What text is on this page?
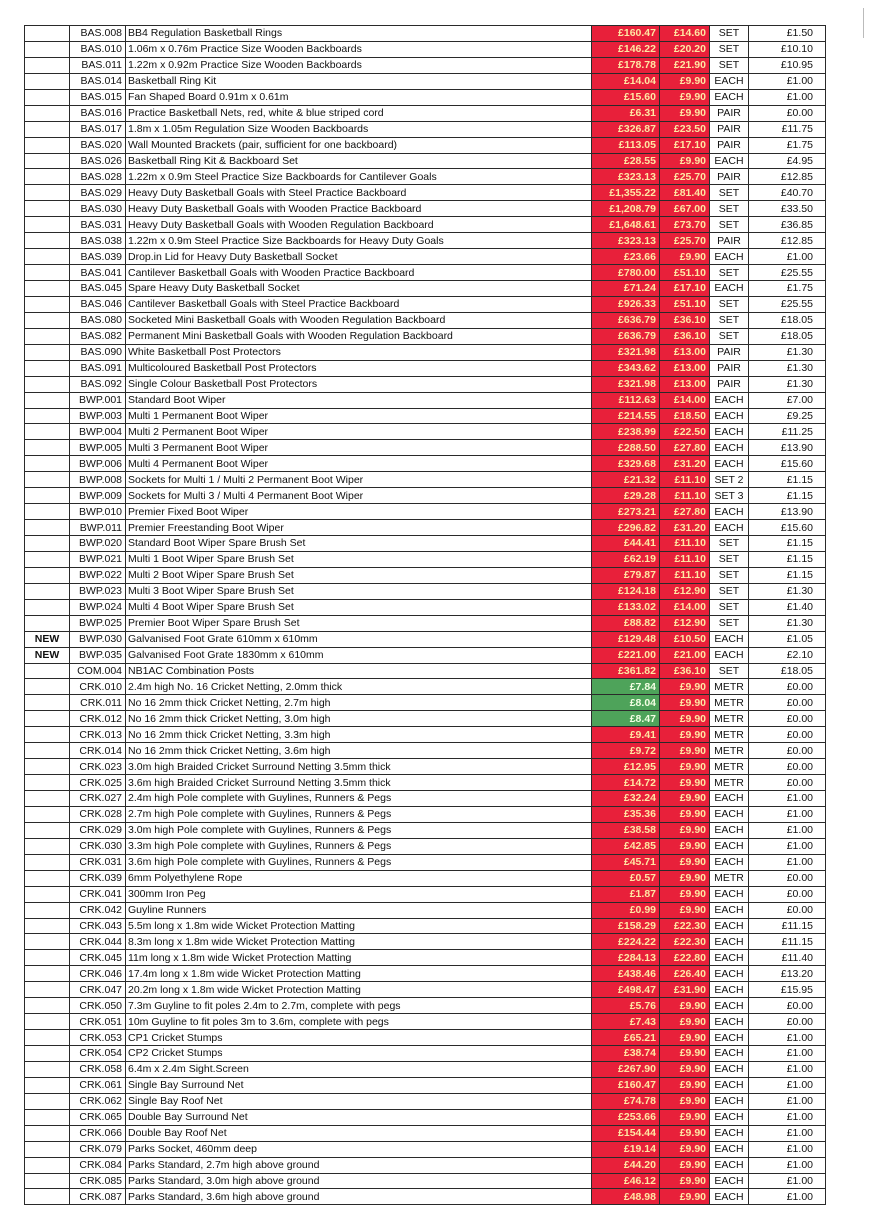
	BAS.008	BB4 Regulation Basketball Rings	£160.47	£14.60	SET	£1.50
	BAS.010	1.06m x 0.76m Practice Size Wooden Backboards	£146.22	£20.20	SET	£10.10
	BAS.011	1.22m x 0.92m Practice Size Wooden Backboards	£178.78	£21.90	SET	£10.95
	BAS.014	Basketball Ring Kit	£14.04	£9.90	EACH	£1.00
	BAS.015	Fan Shaped Board 0.91m x 0.61m	£15.60	£9.90	EACH	£1.00
	BAS.016	Practice Basketball Nets, red, white & blue striped cord	£6.31	£9.90	PAIR	£0.00
	BAS.017	1.8m x 1.05m Regulation Size Wooden Backboards	£326.87	£23.50	PAIR	£11.75
	BAS.020	Wall Mounted Brackets (pair, sufficient for one backboard)	£113.05	£17.10	PAIR	£1.75
	BAS.026	Basketball Ring Kit & Backboard Set	£28.55	£9.90	EACH	£4.95
	BAS.028	1.22m x 0.9m Steel Practice Size Backboards for Cantilever Goals	£323.13	£25.70	PAIR	£12.85
	BAS.029	Heavy Duty Basketball Goals with Steel Practice Backboard	£1,355.22	£81.40	SET	£40.70
	BAS.030	Heavy Duty Basketball Goals with Wooden Practice Backboard	£1,208.79	£67.00	SET	£33.50
	BAS.031	Heavy Duty Basketball Goals with Wooden Regulation Backboard	£1,648.61	£73.70	SET	£36.85
	BAS.038	1.22m x 0.9m Steel Practice Size Backboards for Heavy Duty Goals	£323.13	£25.70	PAIR	£12.85
	BAS.039	Drop.in Lid for Heavy Duty Basketball Socket	£23.66	£9.90	EACH	£1.00
	BAS.041	Cantilever Basketball Goals with Wooden Practice Backboard	£780.00	£51.10	SET	£25.55
	BAS.045	Spare Heavy Duty Basketball Socket	£71.24	£17.10	EACH	£1.75
	BAS.046	Cantilever Basketball Goals with Steel Practice Backboard	£926.33	£51.10	SET	£25.55
	BAS.080	Socketed Mini Basketball Goals with Wooden Regulation Backboard	£636.79	£36.10	SET	£18.05
	BAS.082	Permanent Mini Basketball Goals with Wooden Regulation Backboard	£636.79	£36.10	SET	£18.05
	BAS.090	White Basketball Post Protectors	£321.98	£13.00	PAIR	£1.30
	BAS.091	Multicoloured Basketball Post Protectors	£343.62	£13.00	PAIR	£1.30
	BAS.092	Single Colour Basketball Post Protectors	£321.98	£13.00	PAIR	£1.30
	BWP.001	Standard Boot Wiper	£112.63	£14.00	EACH	£7.00
	BWP.003	Multi 1 Permanent Boot Wiper	£214.55	£18.50	EACH	£9.25
	BWP.004	Multi 2 Permanent Boot Wiper	£238.99	£22.50	EACH	£11.25
	BWP.005	Multi 3 Permanent Boot Wiper	£288.50	£27.80	EACH	£13.90
	BWP.006	Multi 4 Permanent Boot Wiper	£329.68	£31.20	EACH	£15.60
	BWP.008	Sockets for Multi 1 / Multi 2 Permanent Boot Wiper	£21.32	£11.10	SET 2	£1.15
	BWP.009	Sockets for Multi 3 / Multi 4 Permanent Boot Wiper	£29.28	£11.10	SET 3	£1.15
	BWP.010	Premier Fixed Boot Wiper	£273.21	£27.80	EACH	£13.90
	BWP.011	Premier Freestanding Boot Wiper	£296.82	£31.20	EACH	£15.60
	BWP.020	Standard Boot Wiper Spare Brush Set	£44.41	£11.10	SET	£1.15
	BWP.021	Multi 1 Boot Wiper Spare Brush Set	£62.19	£11.10	SET	£1.15
	BWP.022	Multi 2 Boot Wiper Spare Brush Set	£79.87	£11.10	SET	£1.15
	BWP.023	Multi 3 Boot Wiper Spare Brush Set	£124.18	£12.90	SET	£1.30
	BWP.024	Multi 4 Boot Wiper Spare Brush Set	£133.02	£14.00	SET	£1.40
	BWP.025	Premier Boot Wiper Spare Brush Set	£88.82	£12.90	SET	£1.30
NEW	BWP.030	Galvanised Foot Grate 610mm x 610mm	£129.48	£10.50	EACH	£1.05
NEW	BWP.035	Galvanised Foot Grate 1830mm x 610mm	£221.00	£21.00	EACH	£2.10
	COM.004	NB1AC Combination Posts	£361.82	£36.10	SET	£18.05
	CRK.010	2.4m high No. 16 Cricket Netting, 2.0mm thick	£7.84	£9.90	METR	£0.00
	CRK.011	No 16 2mm thick Cricket Netting, 2.7m high	£8.04	£9.90	METR	£0.00
	CRK.012	No 16 2mm thick Cricket Netting, 3.0m high	£8.47	£9.90	METR	£0.00
	CRK.013	No 16 2mm thick Cricket Netting, 3.3m high	£9.41	£9.90	METR	£0.00
	CRK.014	No 16 2mm thick Cricket Netting, 3.6m high	£9.72	£9.90	METR	£0.00
	CRK.023	3.0m high Braided Cricket Surround Netting 3.5mm thick	£12.95	£9.90	METR	£0.00
	CRK.025	3.6m high Braided Cricket Surround Netting 3.5mm thick	£14.72	£9.90	METR	£0.00
	CRK.027	2.4m high Pole complete with Guylines, Runners & Pegs	£32.24	£9.90	EACH	£1.00
	CRK.028	2.7m high Pole complete with Guylines, Runners & Pegs	£35.36	£9.90	EACH	£1.00
	CRK.029	3.0m high Pole complete with Guylines, Runners & Pegs	£38.58	£9.90	EACH	£1.00
	CRK.030	3.3m high Pole complete with Guylines, Runners & Pegs	£42.85	£9.90	EACH	£1.00
	CRK.031	3.6m high Pole complete with Guylines, Runners & Pegs	£45.71	£9.90	EACH	£1.00
	CRK.039	6mm Polyethylene Rope	£0.57	£9.90	METR	£0.00
	CRK.041	300mm Iron Peg	£1.87	£9.90	EACH	£0.00
	CRK.042	Guyline Runners	£0.99	£9.90	EACH	£0.00
	CRK.043	5.5m long x 1.8m wide Wicket Protection Matting	£158.29	£22.30	EACH	£11.15
	CRK.044	8.3m long x 1.8m wide Wicket Protection Matting	£224.22	£22.30	EACH	£11.15
	CRK.045	11m long x 1.8m wide Wicket Protection Matting	£284.13	£22.80	EACH	£11.40
	CRK.046	17.4m long x 1.8m wide Wicket Protection Matting	£438.46	£26.40	EACH	£13.20
	CRK.047	20.2m long x 1.8m wide Wicket Protection Matting	£498.47	£31.90	EACH	£15.95
	CRK.050	7.3m Guyline to fit poles 2.4m to 2.7m, complete with pegs	£5.76	£9.90	EACH	£0.00
	CRK.051	10m Guyline to fit poles 3m to 3.6m, complete with pegs	£7.43	£9.90	EACH	£0.00
	CRK.053	CP1 Cricket Stumps	£65.21	£9.90	EACH	£1.00
	CRK.054	CP2 Cricket Stumps	£38.74	£9.90	EACH	£1.00
	CRK.058	6.4m x 2.4m Sight.Screen	£267.90	£9.90	EACH	£1.00
	CRK.061	Single Bay Surround Net	£160.47	£9.90	EACH	£1.00
	CRK.062	Single Bay Roof Net	£74.78	£9.90	EACH	£1.00
	CRK.065	Double Bay Surround Net	£253.66	£9.90	EACH	£1.00
	CRK.066	Double Bay Roof Net	£154.44	£9.90	EACH	£1.00
	CRK.079	Parks Socket, 460mm deep	£19.14	£9.90	EACH	£1.00
	CRK.084	Parks Standard, 2.7m high above ground	£44.20	£9.90	EACH	£1.00
	CRK.085	Parks Standard, 3.0m high above ground	£46.12	£9.90	EACH	£1.00
	CRK.087	Parks Standard, 3.6m high above ground	£48.98	£9.90	EACH	£1.00
